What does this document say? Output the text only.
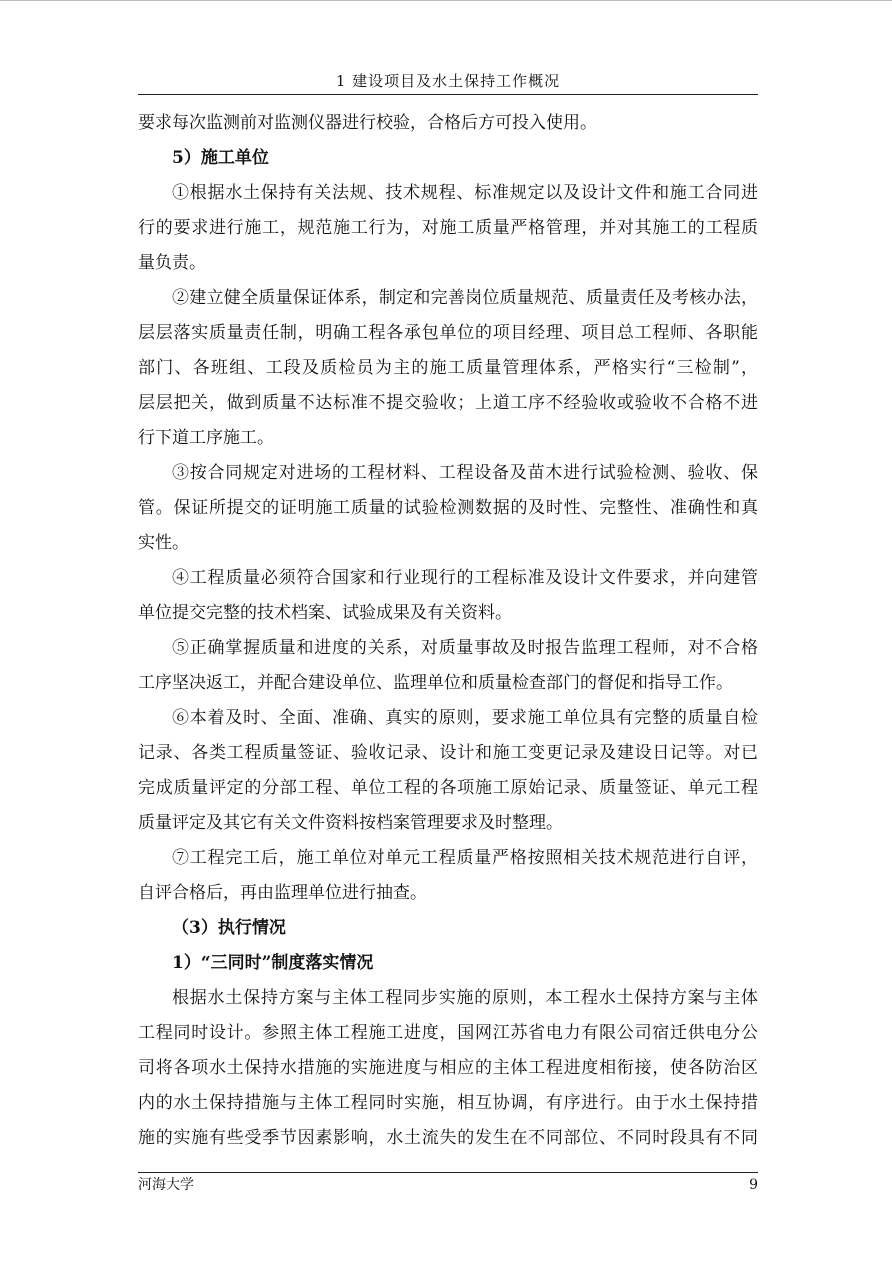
1 建设项目及水土保持工作概况
要求每次监测前对监测仪器进行校验，合格后方可投入使用。
5）施工单位
①根据水土保持有关法规、技术规程、标准规定以及设计文件和施工合同进
行的要求进行施工，规范施工行为，对施工质量严格管理，并对其施工的工程质
量负责。
②建立健全质量保证体系，制定和完善岗位质量规范、质量责任及考核办法，
层层落实质量责任制，明确工程各承包单位的项目经理、项目总工程师、各职能
部门、各班组、工段及质检员为主的施工质量管理体系，严格实行“三检制”，
层层把关，做到质量不达标准不提交验收；上道工序不经验收或验收不合格不进
行下道工序施工。
③按合同规定对进场的工程材料、工程设备及苗木进行试验检测、验收、保
管。保证所提交的证明施工质量的试验检测数据的及时性、完整性、准确性和真
实性。
④工程质量必须符合国家和行业现行的工程标准及设计文件要求，并向建管
单位提交完整的技术档案、试验成果及有关资料。
⑤正确掌握质量和进度的关系，对质量事故及时报告监理工程师，对不合格
工序坚决返工，并配合建设单位、监理单位和质量检查部门的督促和指导工作。
⑥本着及时、全面、准确、真实的原则，要求施工单位具有完整的质量自检
记录、各类工程质量签证、验收记录、设计和施工变更记录及建设日记等。对已
完成质量评定的分部工程、单位工程的各项施工原始记录、质量签证、单元工程
质量评定及其它有关文件资料按档案管理要求及时整理。
⑦工程完工后，施工单位对单元工程质量严格按照相关技术规范进行自评，
自评合格后，再由监理单位进行抽查。
（3）执行情况
1）“三同时”制度落实情况
根据水土保持方案与主体工程同步实施的原则，本工程水土保持方案与主体
工程同时设计。参照主体工程施工进度，国网江苏省电力有限公司宿迁供电分公
司将各项水土保持水措施的实施进度与相应的主体工程进度相衔接，使各防治区
内的水土保持措施与主体工程同时实施，相互协调，有序进行。由于水土保持措
施的实施有些受季节因素影响，水土流失的发生在不同部位、不同时段具有不同
河海大学	9
